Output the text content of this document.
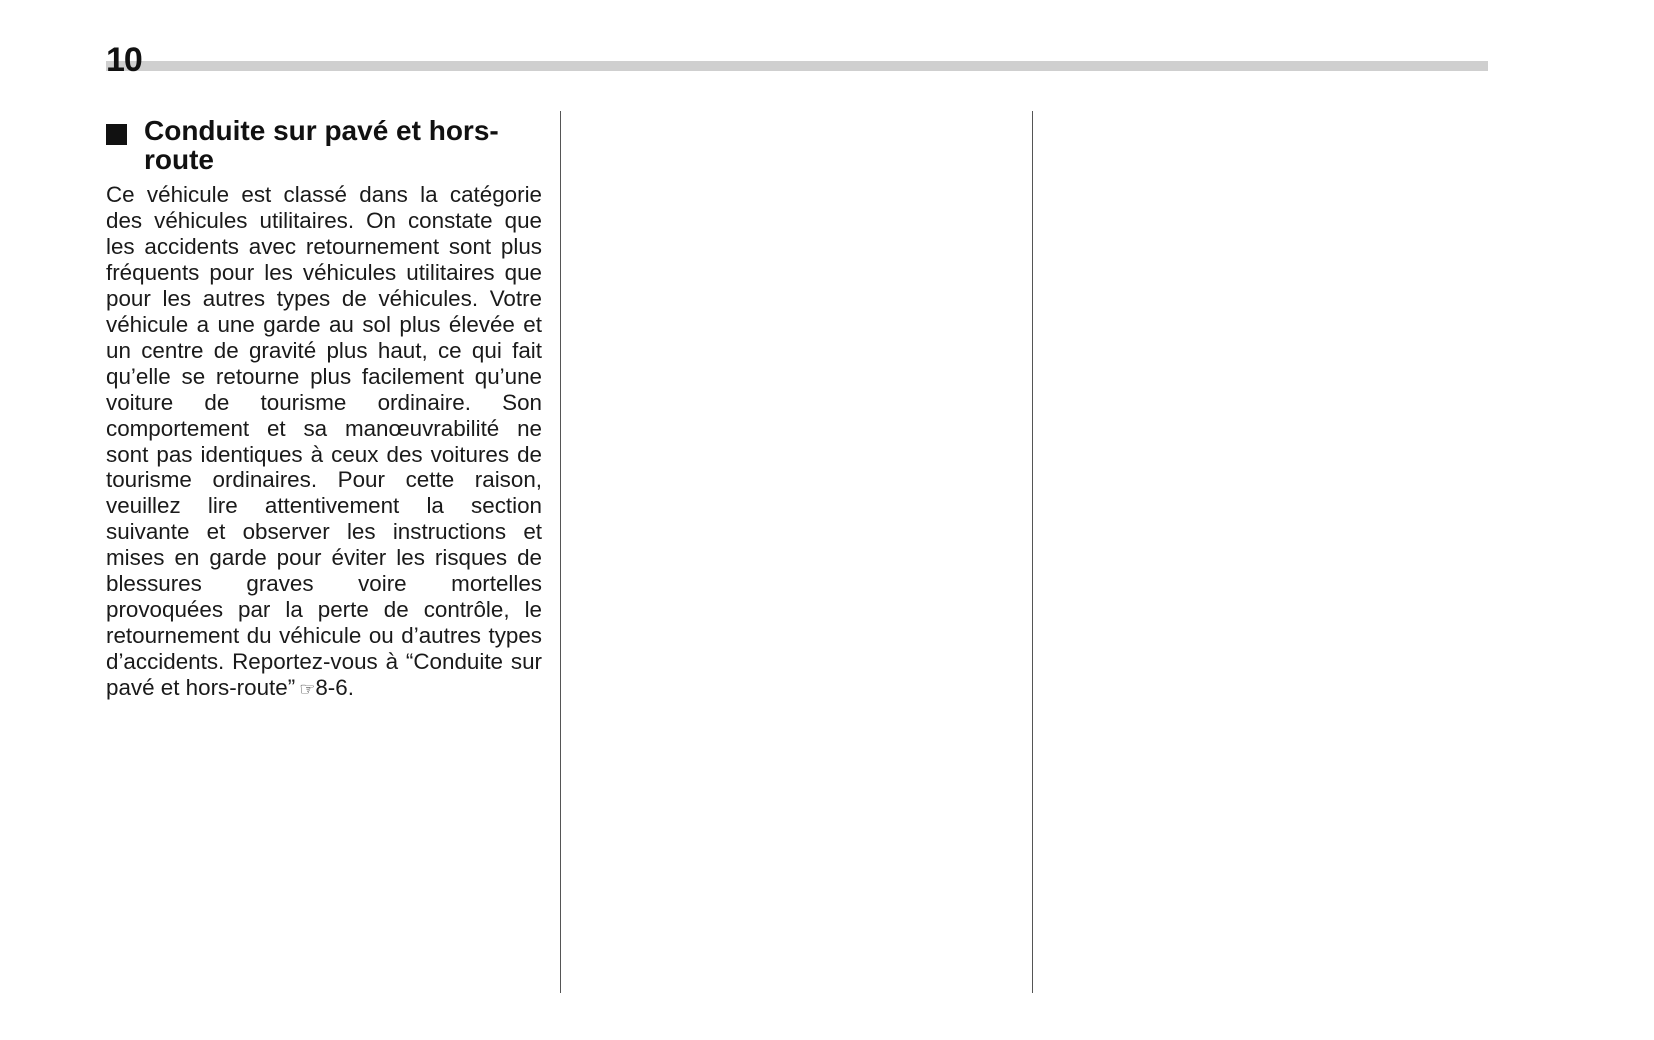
10
Conduite sur pavé et hors-route

Ce véhicule est classé dans la catégorie des véhicules utilitaires. On constate que les accidents avec retournement sont plus fréquents pour les véhicules utilitaires que pour les autres types de véhicules. Votre véhicule a une garde au sol plus élevée et un centre de gravité plus haut, ce qui fait qu’elle se retourne plus facilement qu’une voiture de tourisme ordinaire. Son comportement et sa manœuvrabilité ne sont pas identiques à ceux des voitures de tourisme ordinaires. Pour cette raison, veuillez lire attentivement la section suivante et observer les instructions et mises en garde pour éviter les risques de blessures graves voire mortelles provoquées par la perte de contrôle, le retournement du véhicule ou d’autres types d’accidents. Reportez-vous à “Conduite sur pavé et hors-route” ☞8-6.
